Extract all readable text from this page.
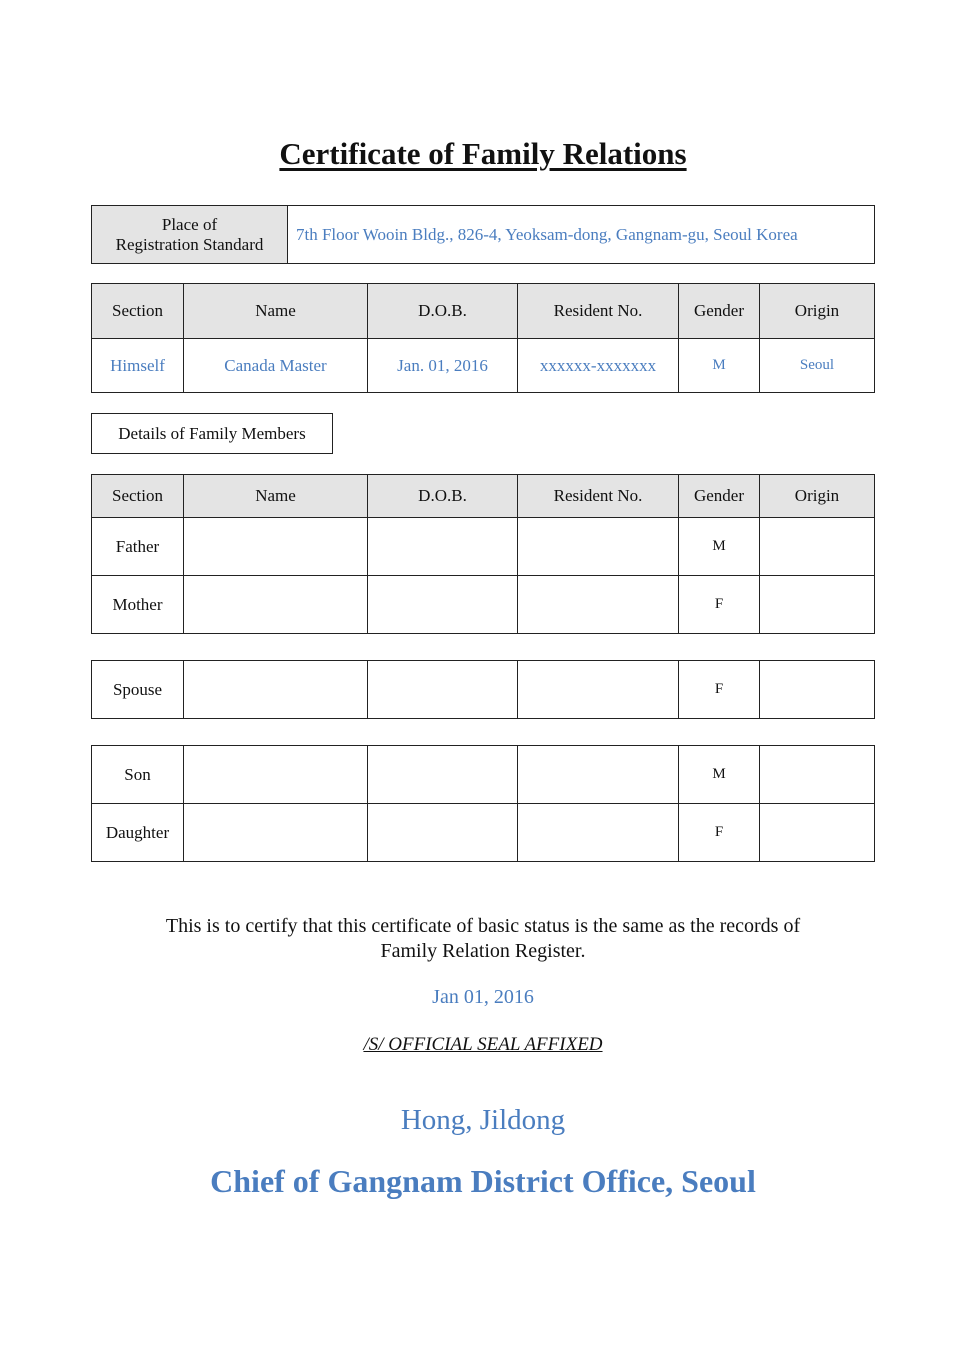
Certificate of Family Relations
Place of
Registration Standard	7th Floor Wooin Bldg., 826-4, Yeoksam-dong, Gangnam-gu, Seoul Korea
Section	Name	D.O.B.	Resident No.	Gender	Origin
Himself	Canada Master	Jan. 01, 2016	xxxxxx-xxxxxxx	M	Seoul
Details of Family Members
Section	Name	D.O.B.	Resident No.	Gender	Origin
Father				M	
Mother				F	
Spouse				F	
Son				M	
Daughter				F	
This is to certify that this certificate of basic status is the same as the records of
Family Relation Register.
Jan 01, 2016
/S/ OFFICIAL SEAL AFFIXED
Hong, Jildong
Chief of Gangnam District Office, Seoul
